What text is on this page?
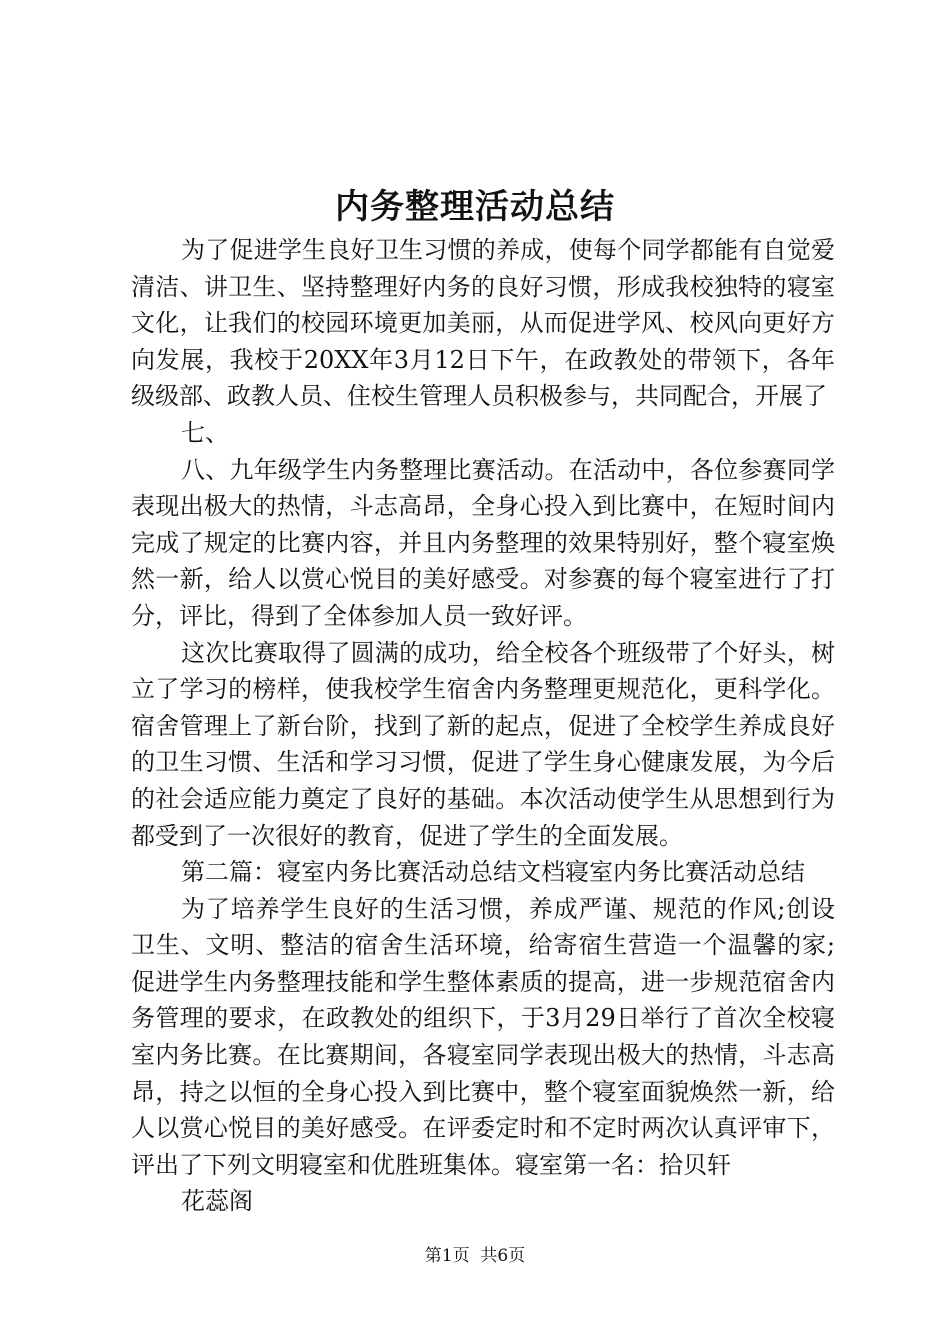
内务整理活动总结

为了促进学生良好卫生习惯的养成，使每个同学都能有自觉爱清洁、讲卫生、坚持整理好内务的良好习惯，形成我校独特的寝室文化，让我们的校园环境更加美丽，从而促进学风、校风向更好方向发展，我校于20XX年3月12日下午，在政教处的带领下，各年级级部、政教人员、住校生管理人员积极参与，共同配合，开展了

七、

八、九年级学生内务整理比赛活动。在活动中，各位参赛同学表现出极大的热情，斗志高昂，全身心投入到比赛中，在短时间内完成了规定的比赛内容，并且内务整理的效果特别好，整个寝室焕然一新，给人以赏心悦目的美好感受。对参赛的每个寝室进行了打分，评比，得到了全体参加人员一致好评。

这次比赛取得了圆满的成功，给全校各个班级带了个好头，树立了学习的榜样，使我校学生宿舍内务整理更规范化，更科学化。宿舍管理上了新台阶，找到了新的起点，促进了全校学生养成良好的卫生习惯、生活和学习习惯，促进了学生身心健康发展，为今后的社会适应能力奠定了良好的基础。本次活动使学生从思想到行为都受到了一次很好的教育，促进了学生的全面发展。

第二篇：寝室内务比赛活动总结文档寝室内务比赛活动总结

为了培养学生良好的生活习惯，养成严谨、规范的作风;创设卫生、文明、整洁的宿舍生活环境，给寄宿生营造一个温馨的家;促进学生内务整理技能和学生整体素质的提高，进一步规范宿舍内务管理的要求，在政教处的组织下，于3月29日举行了首次全校寝室内务比赛。在比赛期间，各寝室同学表现出极大的热情，斗志高昂，持之以恒的全身心投入到比赛中，整个寝室面貌焕然一新，给人以赏心悦目的美好感受。在评委定时和不定时两次认真评审下，评出了下列文明寝室和优胜班集体。寝室第一名：拾贝轩

花蕊阁

第1页 共6页
